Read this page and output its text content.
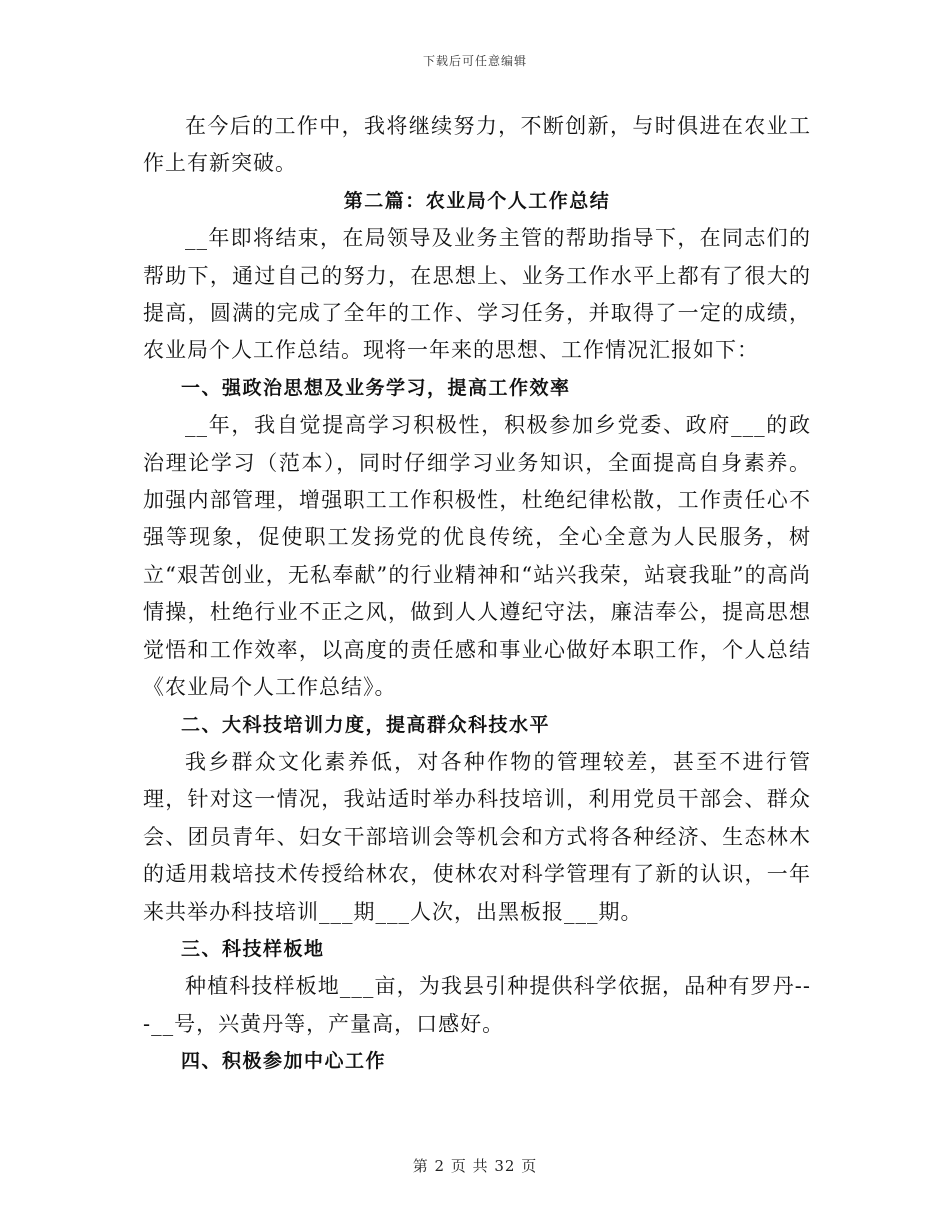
下载后可任意编辑

在今后的工作中，我将继续努力，不断创新，与时俱进在农业工作上有新突破。

第二篇：农业局个人工作总结

__年即将结束，在局领导及业务主管的帮助指导下，在同志们的帮助下，通过自己的努力，在思想上、业务工作水平上都有了很大的提高，圆满的完成了全年的工作、学习任务，并取得了一定的成绩，农业局个人工作总结。现将一年来的思想、工作情况汇报如下：

一、强政治思想及业务学习，提高工作效率

__年，我自觉提高学习积极性，积极参加乡党委、政府___的政治理论学习（范本），同时仔细学习业务知识，全面提高自身素养。加强内部管理，增强职工工作积极性，杜绝纪律松散，工作责任心不强等现象，促使职工发扬党的优良传统，全心全意为人民服务，树立“艰苦创业，无私奉献”的行业精神和“站兴我荣，站衰我耻”的高尚情操，杜绝行业不正之风，做到人人遵纪守法，廉洁奉公，提高思想觉悟和工作效率，以高度的责任感和事业心做好本职工作，个人总结《农业局个人工作总结》。

二、大科技培训力度，提高群众科技水平

我乡群众文化素养低，对各种作物的管理较差，甚至不进行管理，针对这一情况，我站适时举办科技培训，利用党员干部会、群众会、团员青年、妇女干部培训会等机会和方式将各种经济、生态林木的适用栽培技术传授给林农，使林农对科学管理有了新的认识，一年来共举办科技培训___期___人次，出黑板报___期。

三、科技样板地

种植科技样板地___亩，为我县引种提供科学依据，品种有罗丹---__号，兴黄丹等，产量高，口感好。

四、积极参加中心工作

第 2 页 共 32 页
